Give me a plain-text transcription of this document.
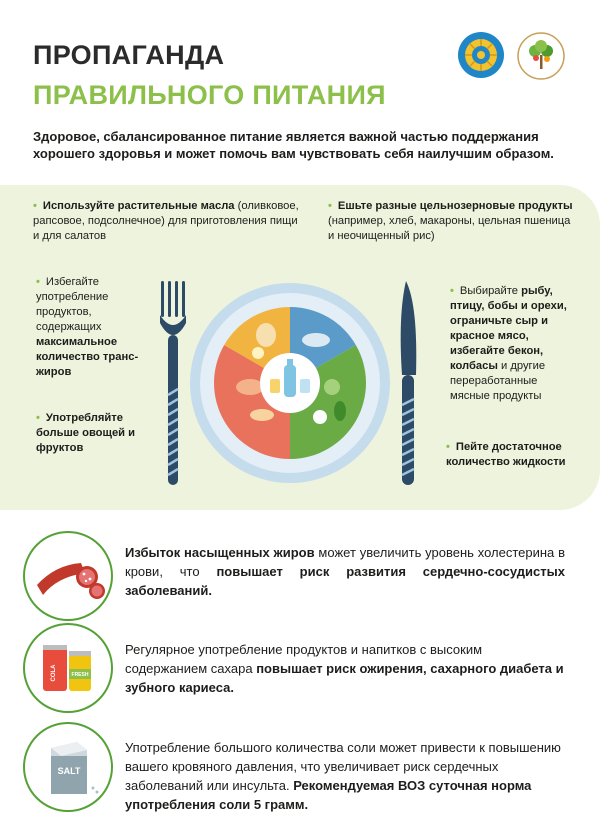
ПРОПАГАНДА
ПРАВИЛЬНОГО ПИТАНИЯ
Здоровое, сбалансированное питание является важной частью поддержания хорошего здоровья и может помочь вам чувствовать себя наилучшим образом.
• Используйте растительные масла (оливковое, рапсовое, подсолнечное) для приготовления пищи и для салатов
• Ешьте разные цельнозерновые продукты (например, хлеб, макароны, цельная пшеница и неочищенный рис)
• Избегайте употребление продуктов, содержащих максимальное количество транс-жиров
• Употребляйте больше овощей и фруктов
• Выбирайте рыбу, птицу, бобы и орехи, ограничьте сыр и красное мясо, избегайте бекон, колбасы и другие переработанные мясные продукты
• Пейте достаточное количество жидкости
Избыток насыщенных жиров может увеличить уровень холестерина в крови, что повышает риск развития сердечно-сосудистых заболеваний.
COLA	FRESH
Регулярное употребление продуктов и напитков с высоким содержанием сахара повышает риск ожирения, сахарного диабета и зубного кариеса.
SALT
Употребление большого количества соли может привести к повышению вашего кровяного давления, что увеличивает риск сердечных заболеваний или инсульта. Рекомендуемая ВОЗ суточная норма употребления соли 5 грамм.
